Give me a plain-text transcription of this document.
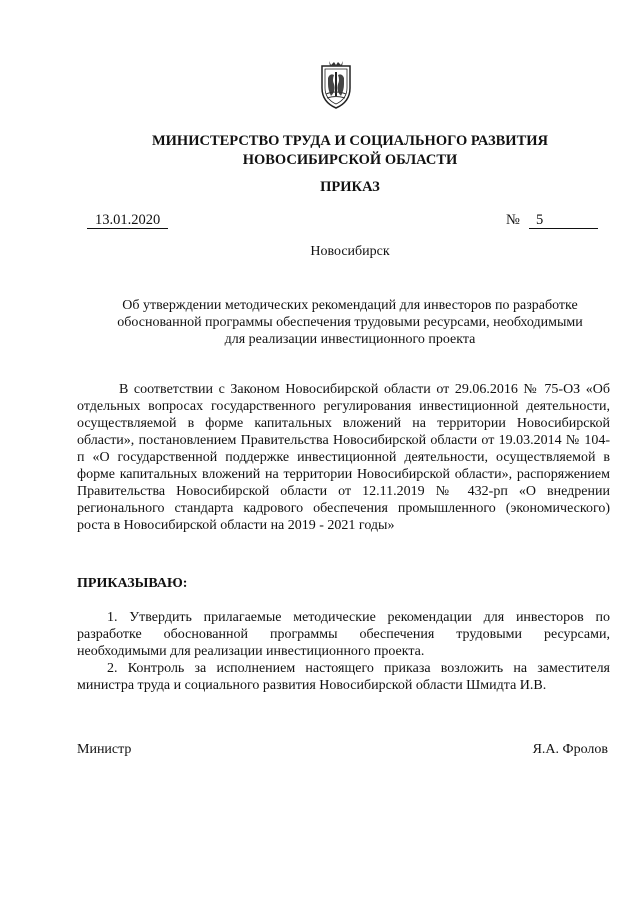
МИНИСТЕРСТВО ТРУДА И СОЦИАЛЬНОГО РАЗВИТИЯ
НОВОСИБИРСКОЙ ОБЛАСТИ
ПРИКАЗ
13.01.2020	№	5
Новосибирск
Об утверждении методических рекомендаций для инвесторов по разработке
обоснованной программы обеспечения трудовыми ресурсами, необходимыми
для реализации инвестиционного проекта

В соответствии с Законом Новосибирской области от 29.06.2016 № 75-ОЗ «Об отдельных вопросах государственного регулирования инвестиционной деятельности, осуществляемой в форме капитальных вложений на территории Новосибирской области», постановлением Правительства Новосибирской области от 19.03.2014 № 104-п «О государственной поддержке инвестиционной деятельности, осуществляемой в форме капитальных вложений на территории Новосибирской области», распоряжением Правительства Новосибирской области от 12.11.2019 № 432-рп «О внедрении регионального стандарта кадрового обеспечения промышленного (экономического) роста в Новосибирской области на 2019 - 2021 годы»

ПРИКАЗЫВАЮ:

1. Утвердить прилагаемые методические рекомендации для инвесторов по разработке обоснованной программы обеспечения трудовыми ресурсами, необходимыми для реализации инвестиционного проекта.

2. Контроль за исполнением настоящего приказа возложить на заместителя министра труда и социального развития Новосибирской области Шмидта И.В.

Министр	Я.А. Фролов
